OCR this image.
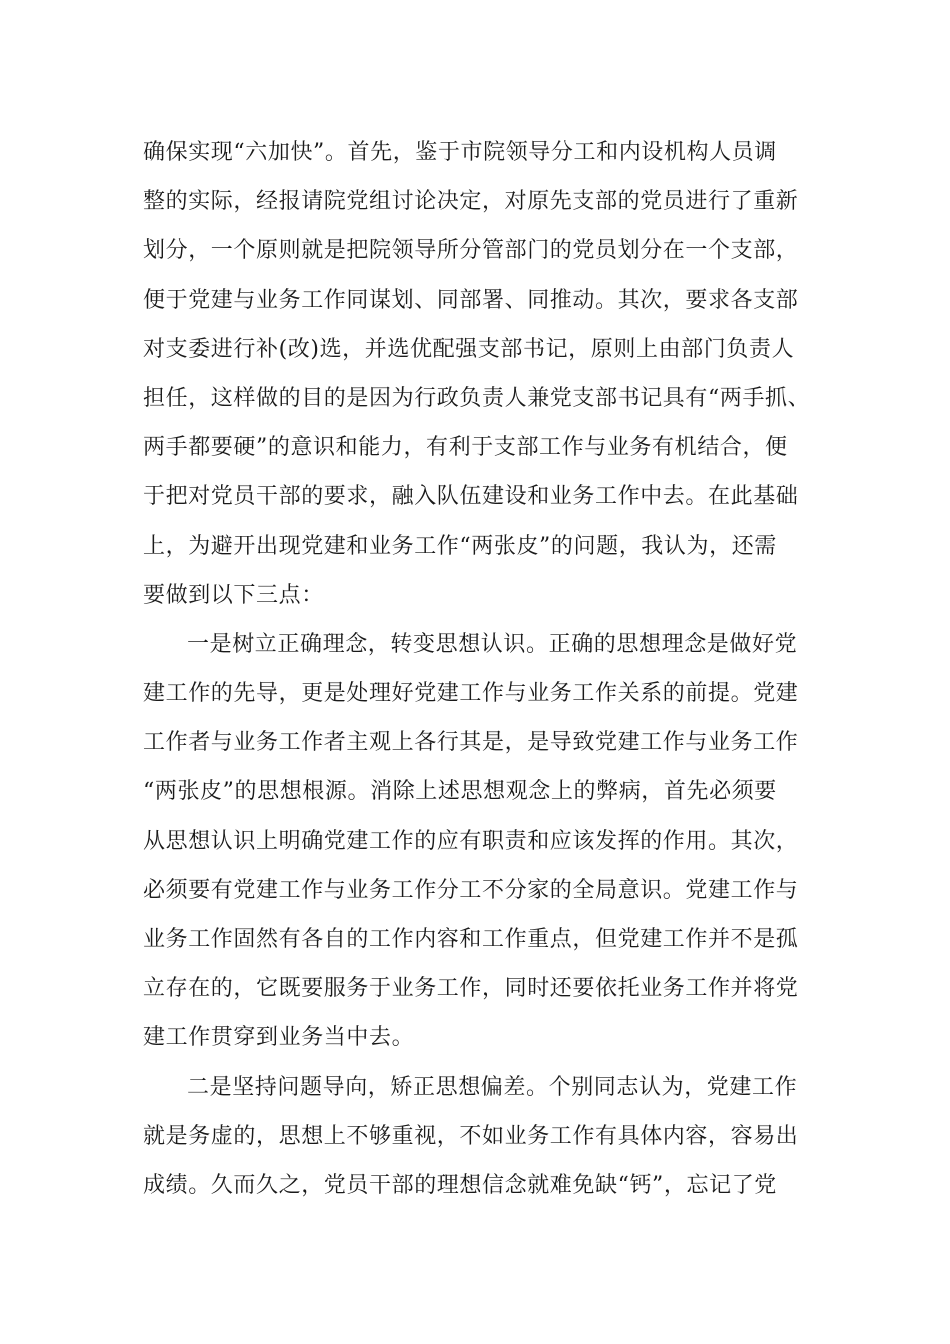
确保实现“六加快”。首先，鉴于市院领导分工和内设机构人员调
整的实际，经报请院党组讨论决定，对原先支部的党员进行了重新
划分，一个原则就是把院领导所分管部门的党员划分在一个支部，
便于党建与业务工作同谋划、同部署、同推动。其次，要求各支部
对支委进行补(改)选，并选优配强支部书记，原则上由部门负责人
担任，这样做的目的是因为行政负责人兼党支部书记具有“两手抓、
两手都要硬”的意识和能力，有利于支部工作与业务有机结合，便
于把对党员干部的要求，融入队伍建设和业务工作中去。在此基础
上，为避开出现党建和业务工作“两张皮”的问题，我认为，还需
要做到以下三点：
一是树立正确理念，转变思想认识。正确的思想理念是做好党
建工作的先导，更是处理好党建工作与业务工作关系的前提。党建
工作者与业务工作者主观上各行其是，是导致党建工作与业务工作
“两张皮”的思想根源。消除上述思想观念上的弊病，首先必须要
从思想认识上明确党建工作的应有职责和应该发挥的作用。其次，
必须要有党建工作与业务工作分工不分家的全局意识。党建工作与
业务工作固然有各自的工作内容和工作重点，但党建工作并不是孤
立存在的，它既要服务于业务工作，同时还要依托业务工作并将党
建工作贯穿到业务当中去。
二是坚持问题导向，矫正思想偏差。个别同志认为，党建工作
就是务虚的，思想上不够重视，不如业务工作有具体内容，容易出
成绩。久而久之，党员干部的理想信念就难免缺“钙”，忘记了党
